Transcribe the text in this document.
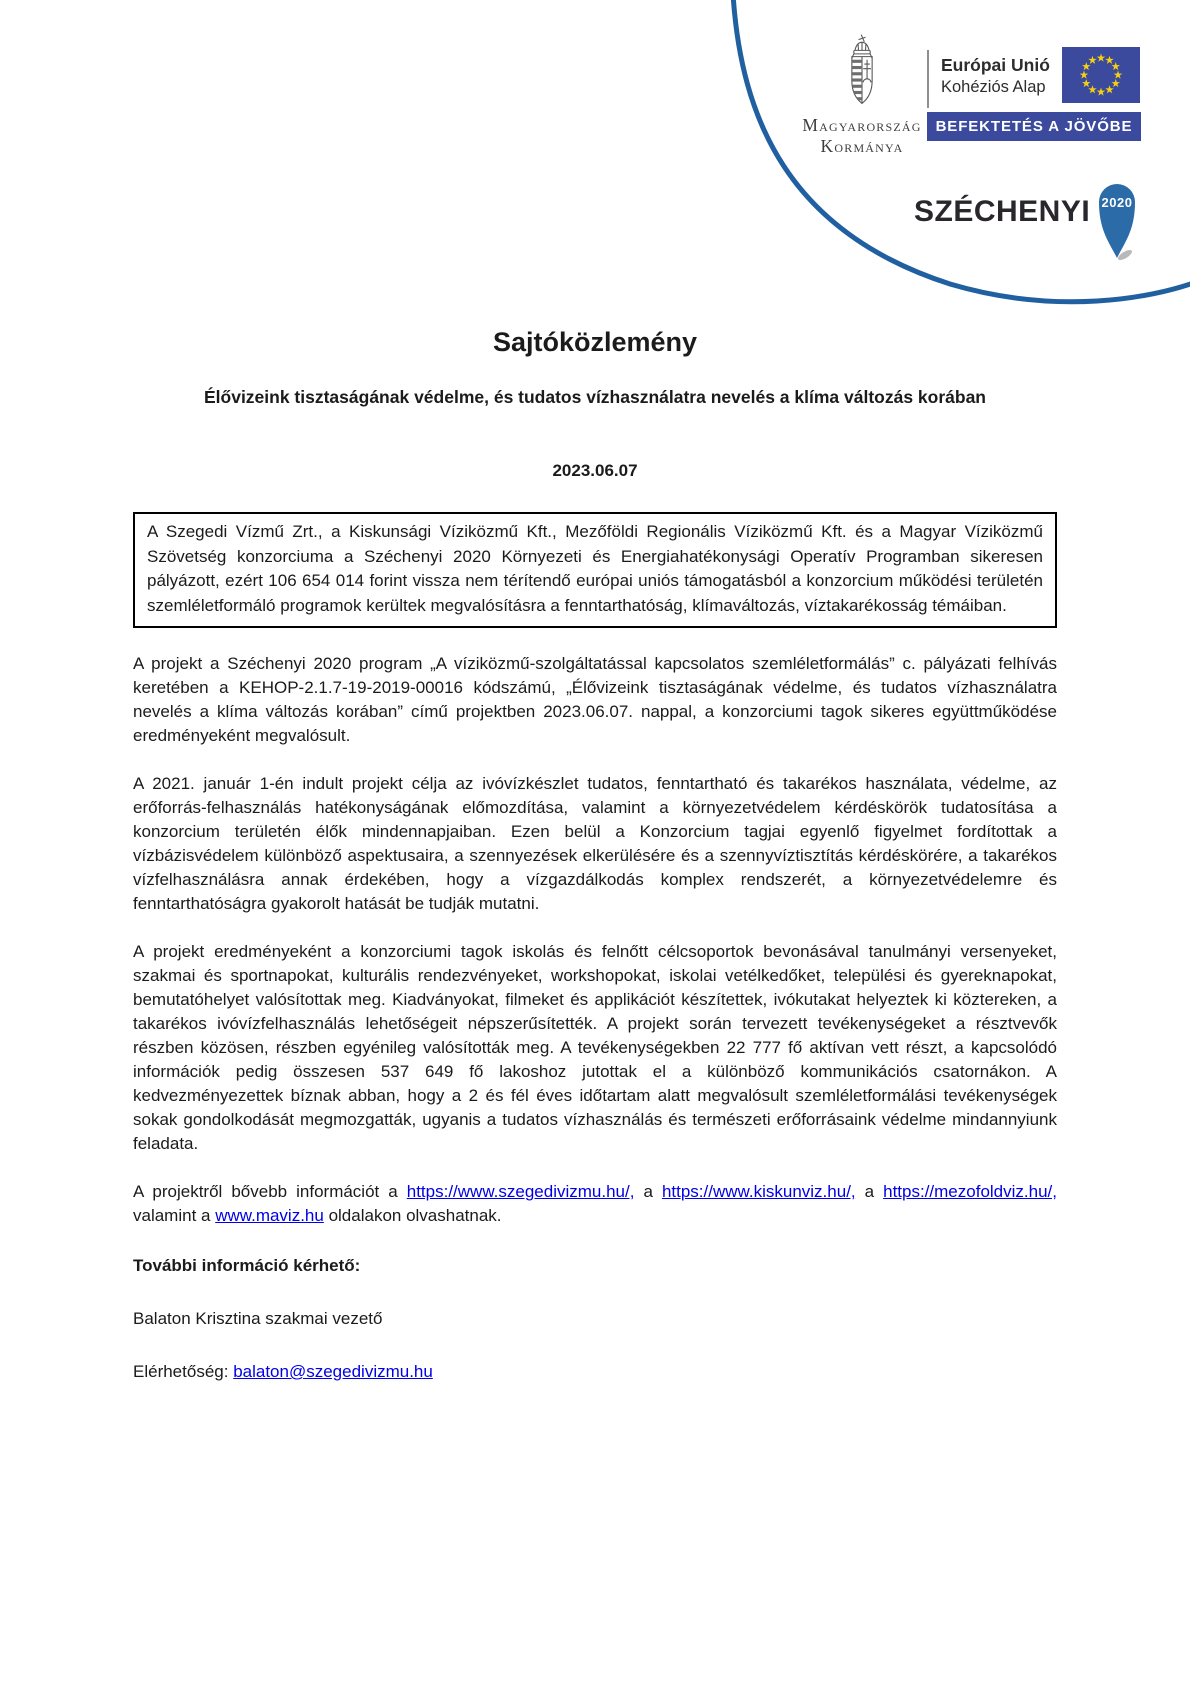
Magyarország
Kormánya
Európai Unió
Kohéziós Alap
BEFEKTETÉS A JÖVŐBE
SZÉCHENYI 2020
Sajtóközlemény

Élővizeink tisztaságának védelme, és tudatos vízhasználatra nevelés a klíma változás korában

2023.06.07

A Szegedi Vízmű Zrt., a Kiskunsági Víziközmű Kft., Mezőföldi Regionális Víziközmű Kft. és a Magyar Víziközmű Szövetség konzorciuma a Széchenyi 2020 Környezeti és Energiahatékonysági Operatív Programban sikeresen pályázott, ezért 106 654 014 forint vissza nem térítendő európai uniós támogatásból a konzorcium működési területén szemléletformáló programok kerültek megvalósításra a fenntarthatóság, klímaváltozás, víztakarékosság témáiban.

A projekt a Széchenyi 2020 program „A víziközmű-szolgáltatással kapcsolatos szemléletformálás” c. pályázati felhívás keretében a KEHOP-2.1.7-19-2019-00016 kódszámú, „Élővizeink tisztaságának védelme, és tudatos vízhasználatra nevelés a klíma változás korában” című projektben 2023.06.07. nappal, a konzorciumi tagok sikeres együttműködése eredményeként megvalósult.

A 2021. január 1-én indult projekt célja az ivóvízkészlet tudatos, fenntartható és takarékos használata, védelme, az erőforrás-felhasználás hatékonyságának előmozdítása, valamint a környezetvédelem kérdéskörök tudatosítása a konzorcium területén élők mindennapjaiban. Ezen belül a Konzorcium tagjai egyenlő figyelmet fordítottak a vízbázisvédelem különböző aspektusaira, a szennyezések elkerülésére és a szennyvíztisztítás kérdéskörére, a takarékos vízfelhasználásra annak érdekében, hogy a vízgazdálkodás komplex rendszerét, a környezetvédelemre és fenntarthatóságra gyakorolt hatását be tudják mutatni.

A projekt eredményeként a konzorciumi tagok iskolás és felnőtt célcsoportok bevonásával tanulmányi versenyeket, szakmai és sportnapokat, kulturális rendezvényeket, workshopokat, iskolai vetélkedőket, települési és gyereknapokat, bemutatóhelyet valósítottak meg. Kiadványokat, filmeket és applikációt készítettek, ivókutakat helyeztek ki köztereken, a takarékos ivóvízfelhasználás lehetőségeit népszerűsítették. A projekt során tervezett tevékenységeket a résztvevők részben közösen, részben egyénileg valósították meg. A tevékenységekben 22 777 fő aktívan vett részt, a kapcsolódó információk pedig összesen 537 649 fő lakoshoz jutottak el a különböző kommunikációs csatornákon. A kedvezményezettek bíznak abban, hogy a 2 és fél éves időtartam alatt megvalósult szemléletformálási tevékenységek sokak gondolkodását megmozgatták, ugyanis a tudatos vízhasználás és természeti erőforrásaink védelme mindannyiunk feladata.

A projektről bővebb információt a https://www.szegedivizmu.hu/, a https://www.kiskunviz.hu/, a https://mezofoldviz.hu/, valamint a www.maviz.hu oldalakon olvashatnak.

További információ kérhető:

Balaton Krisztina szakmai vezető

Elérhetőség: balaton@szegedivizmu.hu
